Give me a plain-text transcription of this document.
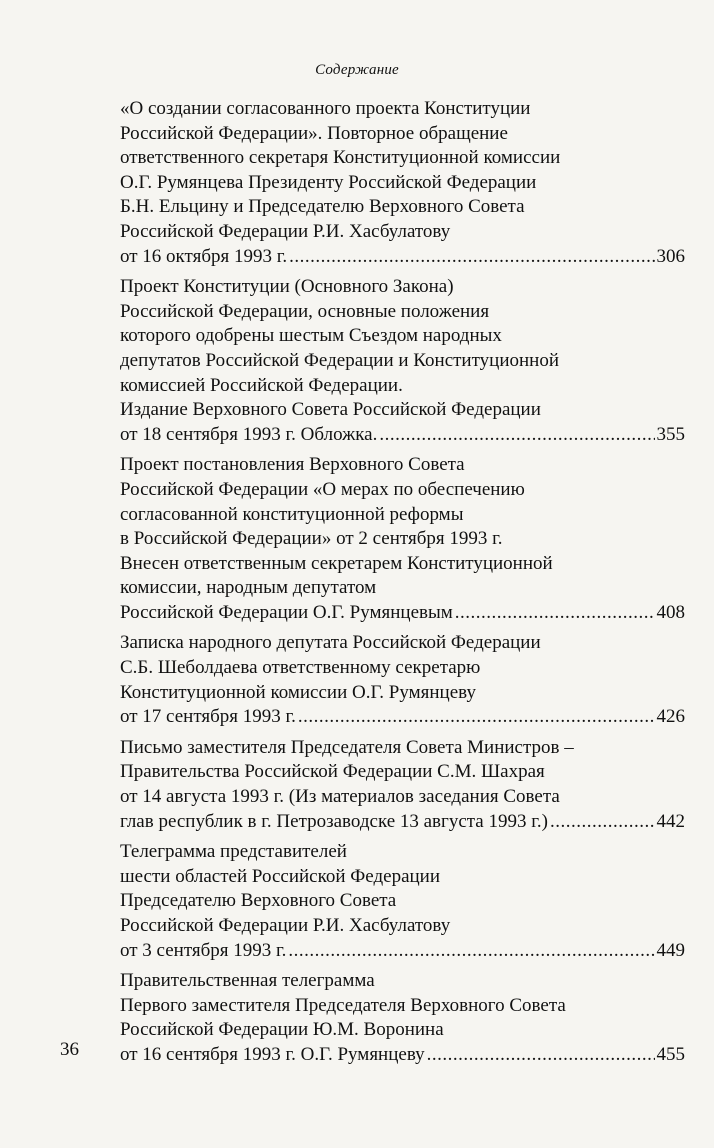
Содержание
«О создании согласованного проекта Конституции
Российской Федерации». Повторное обращение
ответственного секретаря Конституционной комиссии
О.Г. Румянцева Президенту Российской Федерации
Б.Н. Ельцину и Председателю Верховного Совета
Российской Федерации Р.И. Хасбулатову
от 16 октября 1993 г. .....	306
Проект Конституции (Основного Закона)
Российской Федерации, основные положения
которого одобрены шестым Съездом народных
депутатов Российской Федерации и Конституционной
комиссией Российской Федерации.
Издание Верховного Совета Российской Федерации
от 18 сентября 1993 г. Обложка. .....	355
Проект постановления Верховного Совета
Российской Федерации «О мерах по обеспечению
согласованной конституционной реформы
в Российской Федерации» от 2 сентября 1993 г.
Внесен ответственным секретарем Конституционной
комиссии, народным депутатом
Российской Федерации О.Г. Румянцевым .....	408
Записка народного депутата Российской Федерации
С.Б. Шеболдаева ответственному секретарю
Конституционной комиссии О.Г. Румянцеву
от 17 сентября 1993 г. .....	426
Письмо заместителя Председателя Совета Министров –
Правительства Российской Федерации С.М. Шахрая
от 14 августа 1993 г. (Из материалов заседания Совета
глав республик в г. Петрозаводске 13 августа 1993 г.) .....	442
Телеграмма представителей
шести областей Российской Федерации
Председателю Верховного Совета
Российской Федерации Р.И. Хасбулатову
от 3 сентября 1993 г. .....	449
Правительственная телеграмма
Первого заместителя Председателя Верховного Совета
Российской Федерации Ю.М. Воронина
от 16 сентября 1993 г. О.Г. Румянцеву .....	455
36
